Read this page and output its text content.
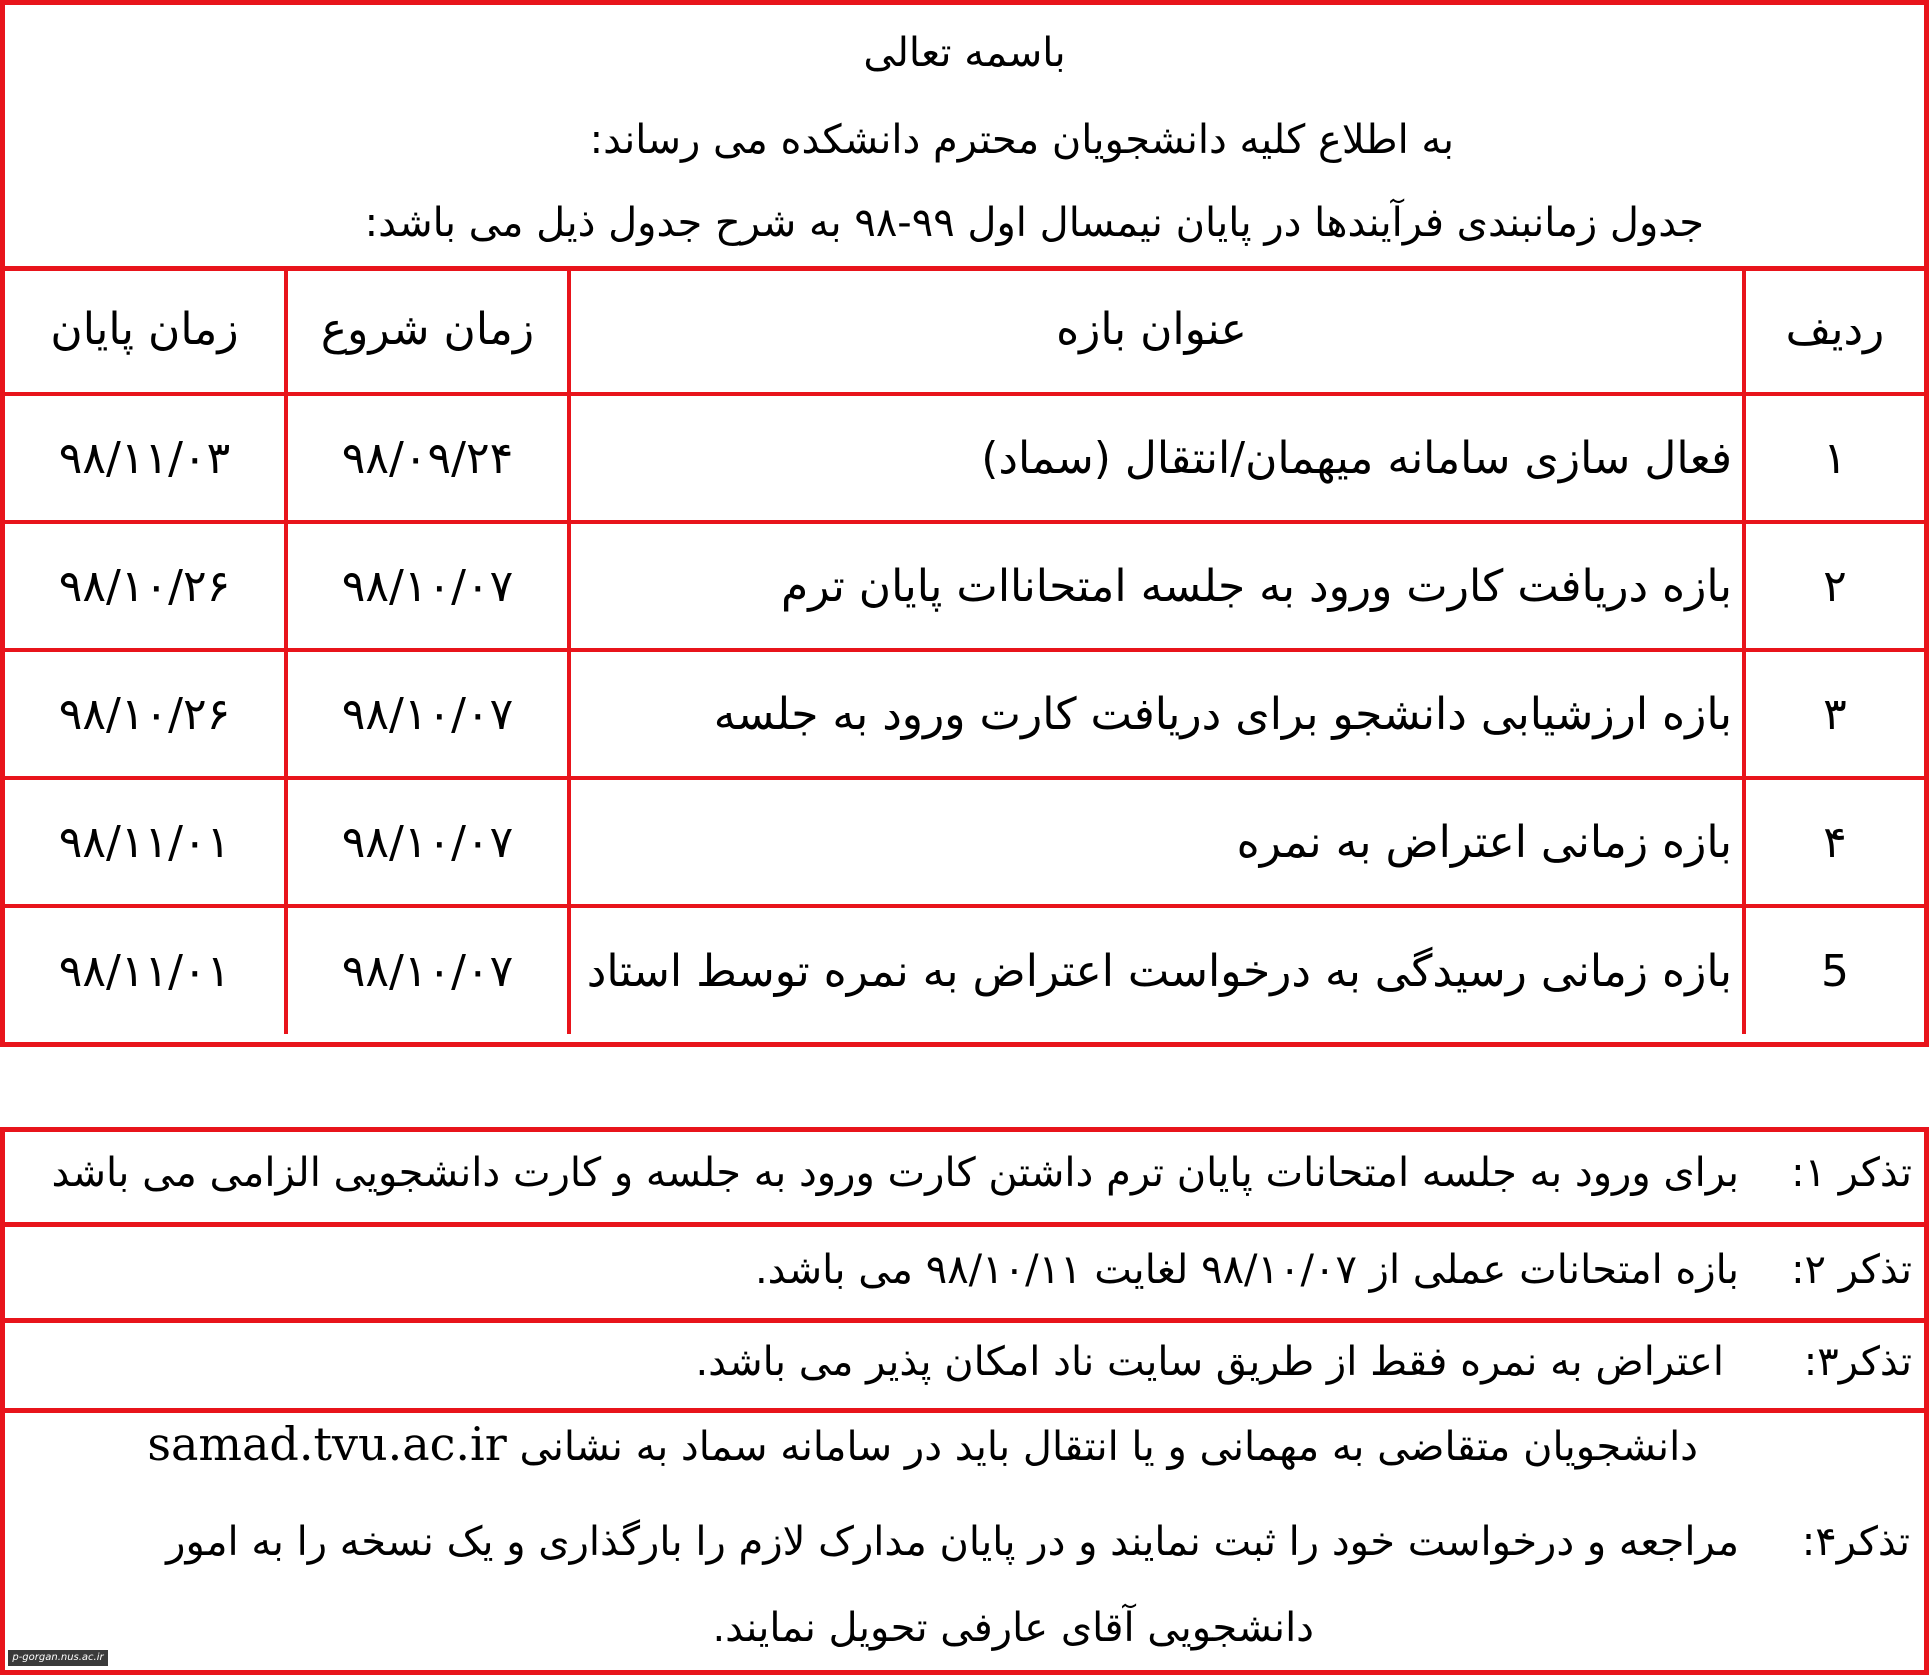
باسمه تعالی
به اطلاع کلیه دانشجویان محترم دانشکده می رساند:
جدول زمانبندی فرآیندها در پایان نیمسال اول ۹۹-۹۸ به شرح جدول ذیل می باشد:
ردیف	عنوان بازه	زمان شروع	زمان پایان
۱	فعال سازی سامانه میهمان/انتقال (سماد)	۹۸/۰۹/۲۴	۹۸/۱۱/۰۳
۲	بازه دریافت کارت ورود به جلسه امتحاناات پایان ترم	۹۸/۱۰/۰۷	۹۸/۱۰/۲۶
۳	بازه ارزشیابی دانشجو برای دریافت کارت ورود به جلسه	۹۸/۱۰/۰۷	۹۸/۱۰/۲۶
۴	بازه زمانی اعتراض به نمره	۹۸/۱۰/۰۷	۹۸/۱۱/۰۱
5	بازه زمانی رسیدگی به درخواست اعتراض به نمره توسط استاد	۹۸/۱۰/۰۷	۹۸/۱۱/۰۱
تذکر ۱:
برای ورود به جلسه امتحانات پایان ترم داشتن کارت ورود به جلسه و کارت دانشجویی الزامی می باشد
تذکر ۲:
بازه امتحانات عملی از ۹۸/۱۰/۰۷ لغایت ۹۸/۱۰/۱۱ می باشد.
تذکر۳:
اعتراض به نمره فقط از طریق سایت ناد امکان پذیر می باشد.
تذکر۴:
دانشجویان متقاضی به مهمانی و یا انتقال باید در سامانه سماد به نشانی samad.tvu.ac.ir
مراجعه و درخواست خود را ثبت نمایند و در پایان مدارک لازم را بارگذاری و یک نسخه را به امور
دانشجویی آقای عارفی تحویل نمایند.
p-gorgan.nus.ac.ir
